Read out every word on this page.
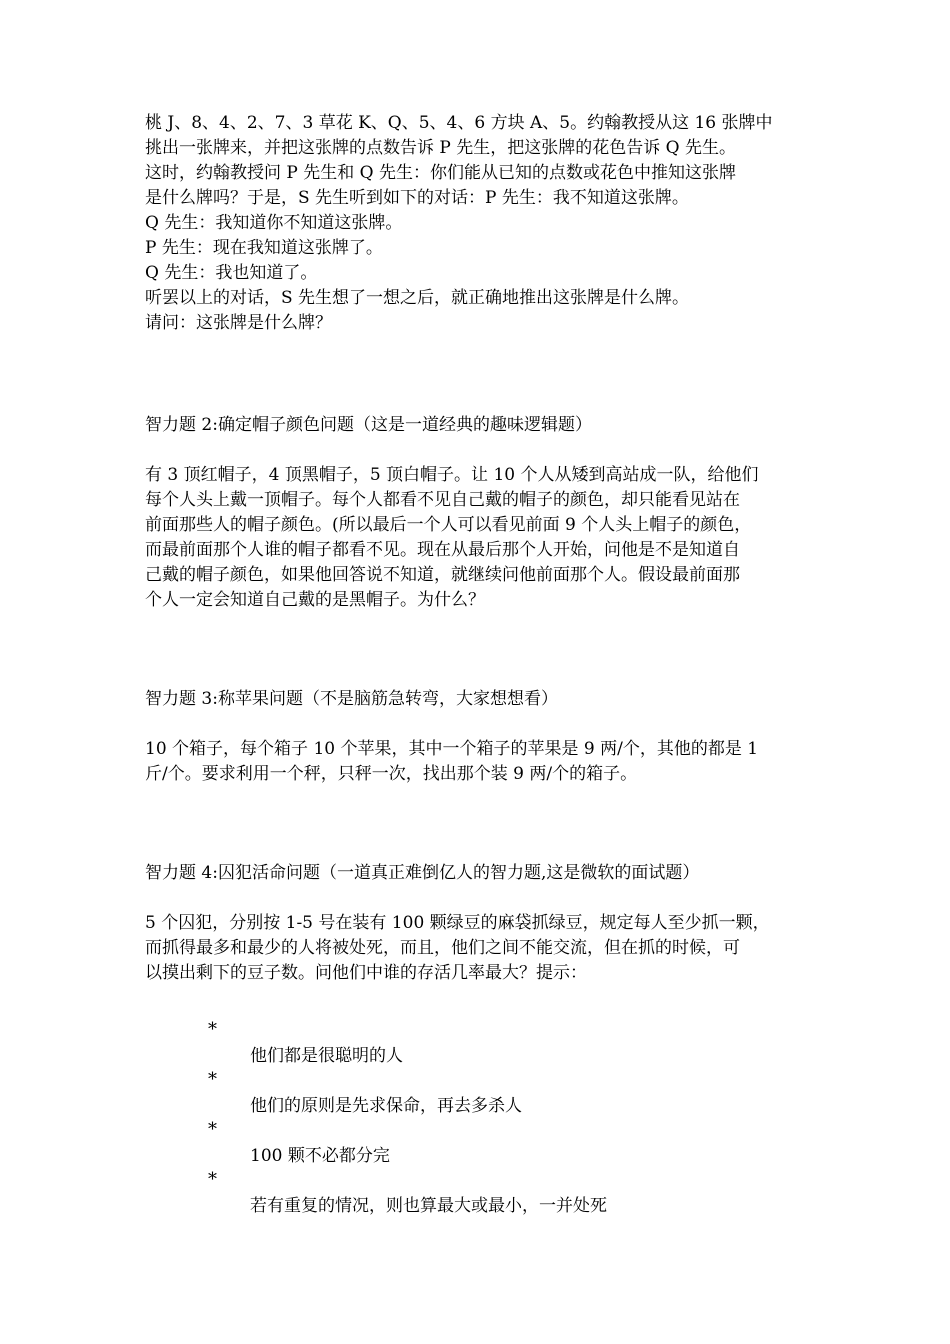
桃 J、8、4、2、7、3 草花 K、Q、5、4、6 方块 A、5。约翰教授从这 16 张牌中
挑出一张牌来，并把这张牌的点数告诉 P 先生，把这张牌的花色告诉 Q 先生。
这时，约翰教授问 P 先生和 Q 先生：你们能从已知的点数或花色中推知这张牌
是什么牌吗？于是，S 先生听到如下的对话：P 先生：我不知道这张牌。
Q 先生：我知道你不知道这张牌。
P 先生：现在我知道这张牌了。
Q 先生：我也知道了。
听罢以上的对话，S 先生想了一想之后，就正确地推出这张牌是什么牌。
请问：这张牌是什么牌？
智力题 2:确定帽子颜色问题（这是一道经典的趣味逻辑题）
有 3 顶红帽子，4 顶黑帽子，5 顶白帽子。让 10 个人从矮到高站成一队，给他们
每个人头上戴一顶帽子。每个人都看不见自己戴的帽子的颜色，却只能看见站在
前面那些人的帽子颜色。(所以最后一个人可以看见前面 9 个人头上帽子的颜色，
而最前面那个人谁的帽子都看不见。现在从最后那个人开始，问他是不是知道自
己戴的帽子颜色，如果他回答说不知道，就继续问他前面那个人。假设最前面那
个人一定会知道自己戴的是黑帽子。为什么？
智力题 3:称苹果问题（不是脑筋急转弯，大家想想看）
10 个箱子，每个箱子 10 个苹果，其中一个箱子的苹果是 9 两/个，其他的都是 1
斤/个。要求利用一个秤，只秤一次，找出那个装 9 两/个的箱子。
智力题 4:囚犯活命问题（一道真正难倒亿人的智力题,这是微软的面试题）
5 个囚犯，分别按 1-5 号在装有 100 颗绿豆的麻袋抓绿豆，规定每人至少抓一颗，
而抓得最多和最少的人将被处死，而且，他们之间不能交流，但在抓的时候，可
以摸出剩下的豆子数。问他们中谁的存活几率最大？提示：
*
他们都是很聪明的人
*
他们的原则是先求保命，再去多杀人
*
100 颗不必都分完
*
若有重复的情况，则也算最大或最小，一并处死
